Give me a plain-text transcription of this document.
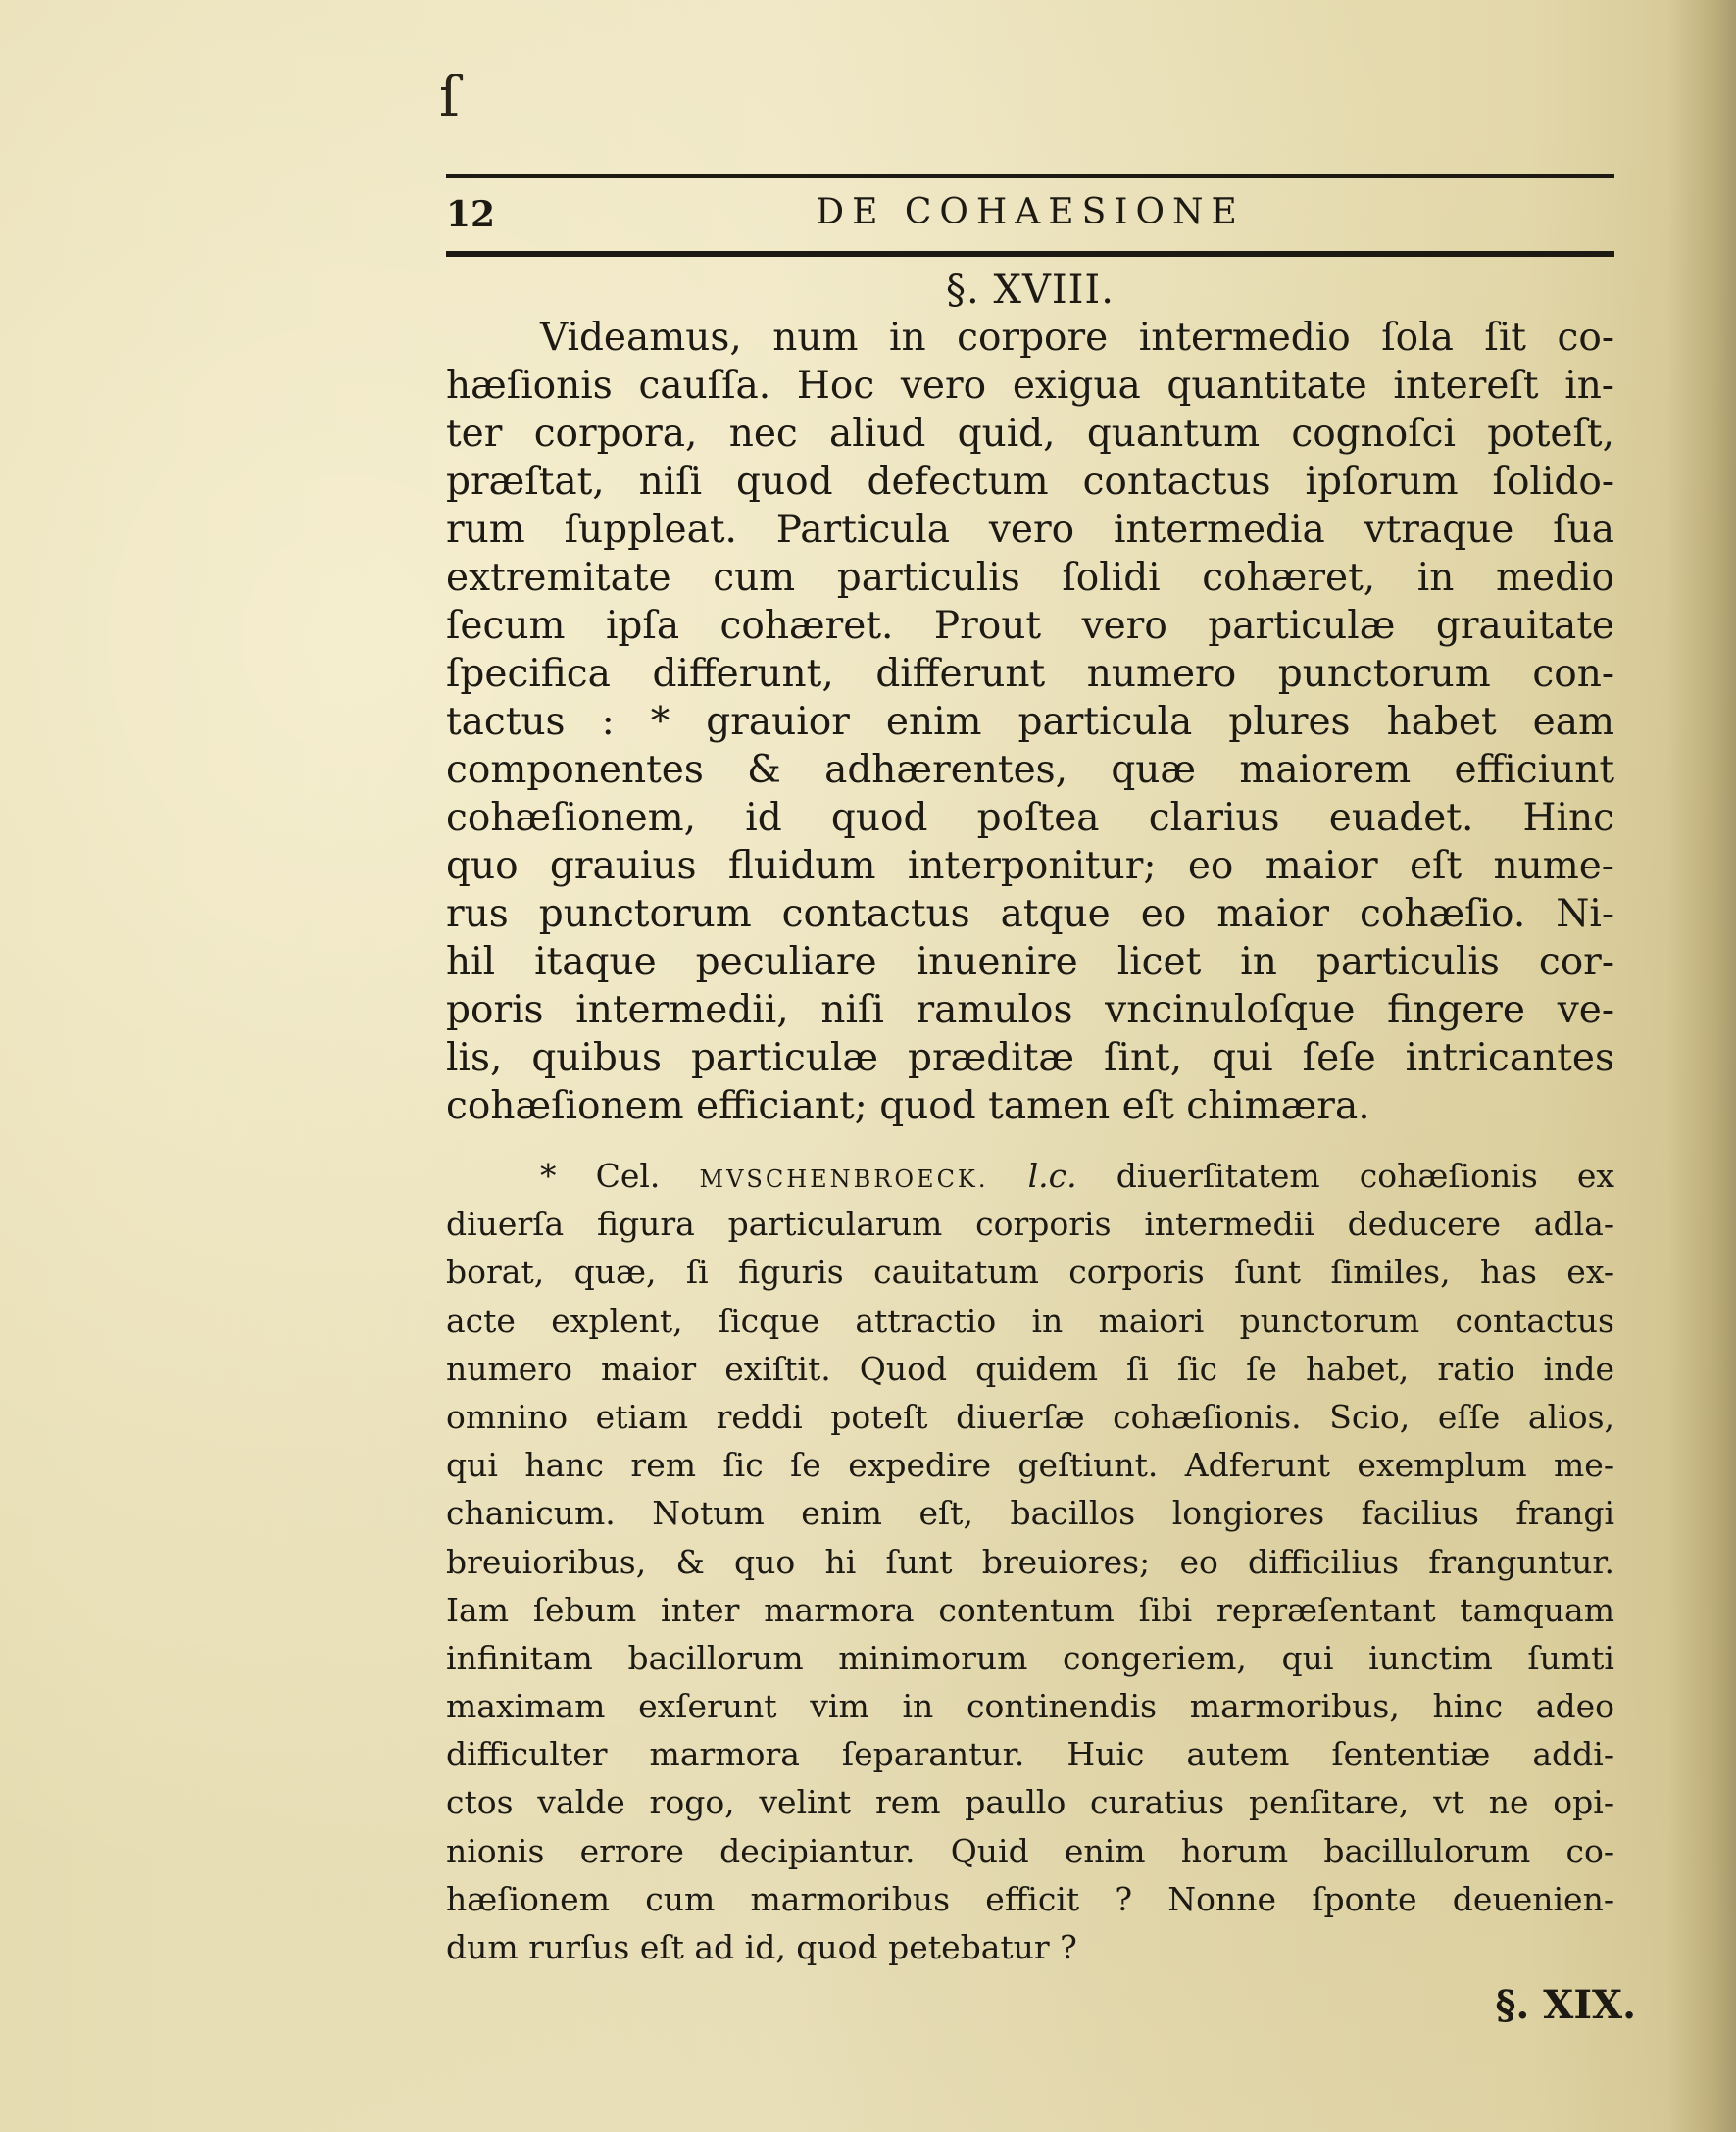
ſ
12	DE COHAESIONE
§. XVIII.
Videamus, num in corpore intermedio ſola ſit co-
hæſionis cauſſa. Hoc vero exigua quantitate intereſt in-
ter corpora, nec aliud quid, quantum cognoſci poteſt,
præſtat, niſi quod defectum contactus ipſorum ſolido-
rum ſuppleat. Particula vero intermedia vtraque ſua
extremitate cum particulis ſolidi cohæret, in medio
ſecum ipſa cohæret. Prout vero particulæ grauitate
ſpecifica differunt, differunt numero punctorum con-
tactus : * grauior enim particula plures habet eam
componentes & adhærentes, quæ maiorem efficiunt
cohæſionem, id quod poſtea clarius euadet. Hinc
quo grauius fluidum interponitur; eo maior eſt nume-
rus punctorum contactus atque eo maior cohæſio. Ni-
hil itaque peculiare inuenire licet in particulis cor-
poris intermedii, niſi ramulos vncinuloſque fingere ve-
lis, quibus particulæ præditæ ſint, qui ſeſe intricantes
cohæſionem efficiant; quod tamen eſt chimæra.
* Cel. MVSCHENBROECK. l.c. diuerſitatem cohæſionis ex
diuerſa figura particularum corporis intermedii deducere adla-
borat, quæ, ſi figuris cauitatum corporis ſunt ſimiles, has ex-
acte explent, ſicque attractio in maiori punctorum contactus
numero maior exiſtit. Quod quidem ſi ſic ſe habet, ratio inde
omnino etiam reddi poteſt diuerſæ cohæſionis. Scio, eſſe alios,
qui hanc rem ſic ſe expedire geſtiunt. Adferunt exemplum me-
chanicum. Notum enim eſt, bacillos longiores facilius frangi
breuioribus, & quo hi ſunt breuiores; eo difficilius franguntur.
Iam ſebum inter marmora contentum ſibi repræſentant tamquam
infinitam bacillorum minimorum congeriem, qui iunctim ſumti
maximam exſerunt vim in continendis marmoribus, hinc adeo
difficulter marmora ſeparantur. Huic autem ſententiæ addi-
ctos valde rogo, velint rem paullo curatius penſitare, vt ne opi-
nionis errore decipiantur. Quid enim horum bacillulorum co-
hæſionem cum marmoribus efficit ? Nonne ſponte deuenien-
dum rurſus eſt ad id, quod petebatur ?
§. XIX.
